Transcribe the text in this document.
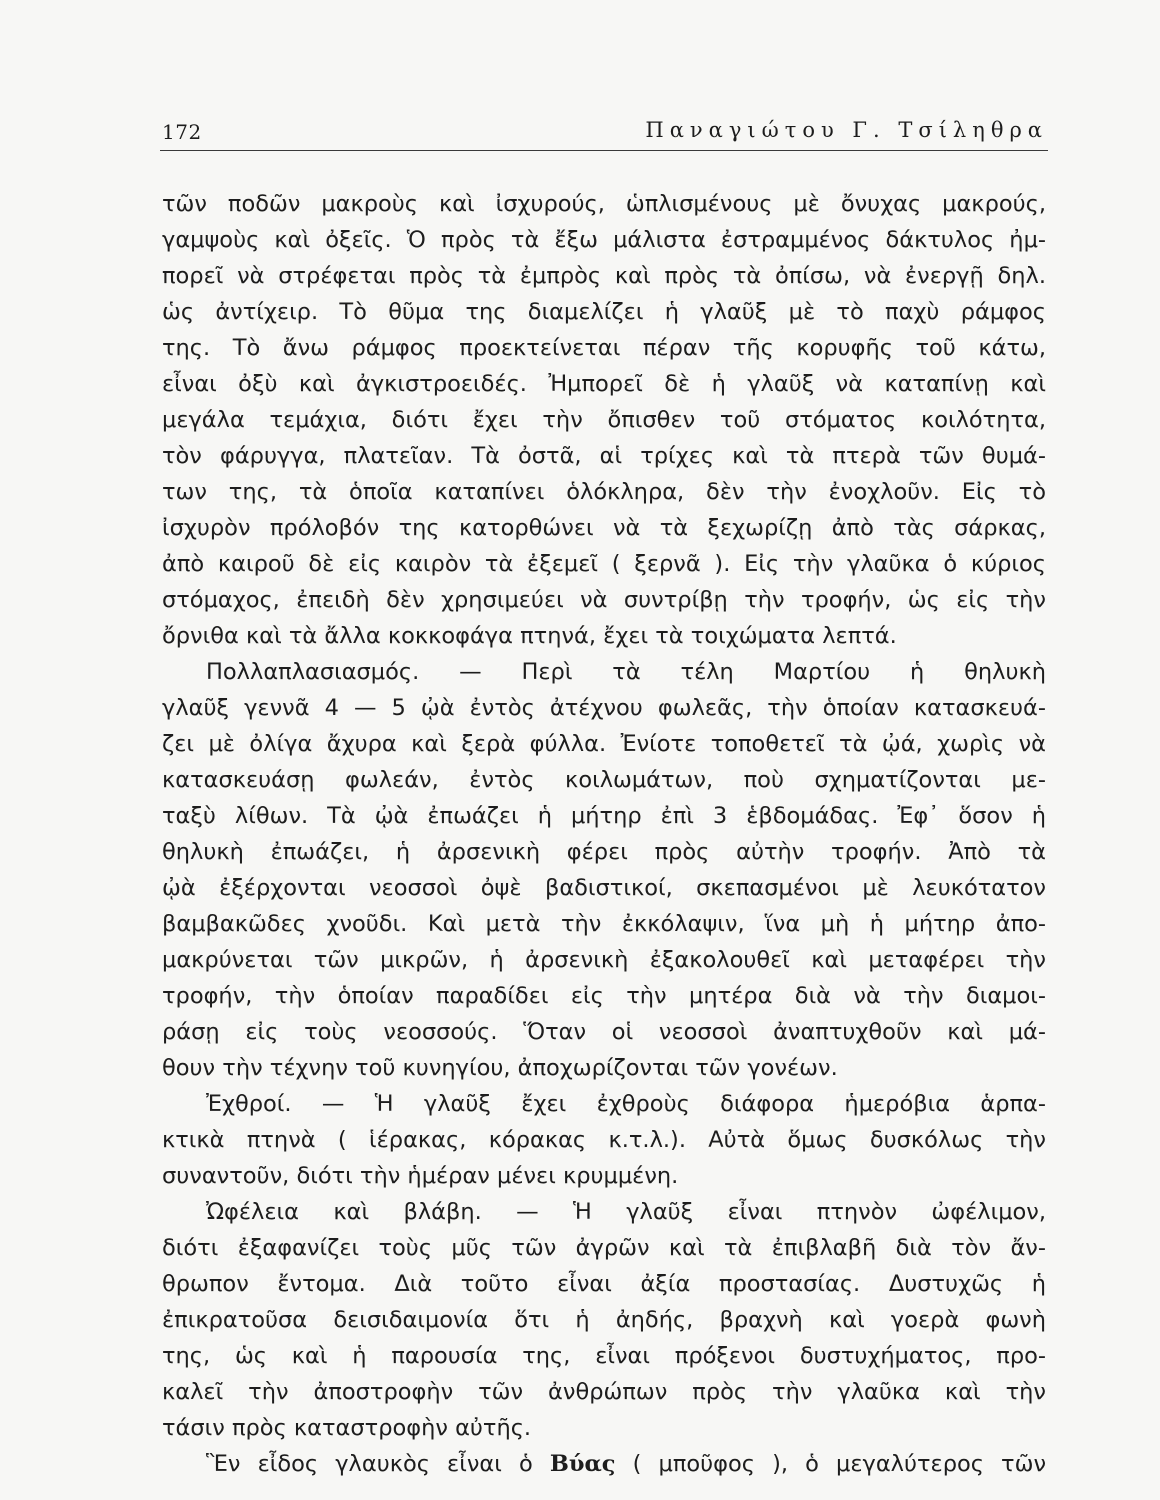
172	Παναγιώτου Γ. Τσίληθρα
τῶν ποδῶν μακροὺς καὶ ἰσχυρούς, ὡπλισμένους μὲ ὄνυχας μακρούς,
γαμψοὺς καὶ ὀξεῖς. Ὁ πρὸς τὰ ἔξω μάλιστα ἐστραμμένος δάκτυλος ἠμ-
πορεῖ νὰ στρέφεται πρὸς τὰ ἐμπρὸς καὶ πρὸς τὰ ὀπίσω, νὰ ἐνεργῇ δηλ.
ὡς ἀντίχειρ. Τὸ θῦμα της διαμελίζει ἡ γλαῦξ μὲ τὸ παχὺ ράμφος
της. Τὸ ἄνω ράμφος προεκτείνεται πέραν τῆς κορυφῆς τοῦ κάτω,
εἶναι ὀξὺ καὶ ἀγκιστροειδές. Ἠμπορεῖ δὲ ἡ γλαῦξ νὰ καταπίνῃ καὶ
μεγάλα τεμάχια, διότι ἔχει τὴν ὄπισθεν τοῦ στόματος κοιλότητα,
τὸν φάρυγγα, πλατεῖαν. Τὰ ὀστᾶ, αἱ τρίχες καὶ τὰ πτερὰ τῶν θυμά-
των της, τὰ ὁποῖα καταπίνει ὁλόκληρα, δὲν τὴν ἐνοχλοῦν. Εἰς τὸ
ἰσχυρὸν πρόλοβόν της κατορθώνει νὰ τὰ ξεχωρίζῃ ἀπὸ τὰς σάρκας,
ἀπὸ καιροῦ δὲ εἰς καιρὸν τὰ ἐξεμεῖ ( ξερνᾶ ). Εἰς τὴν γλαῦκα ὁ κύριος
στόμαχος, ἐπειδὴ δὲν χρησιμεύει νὰ συντρίβῃ τὴν τροφήν, ὡς εἰς τὴν
ὄρνιθα καὶ τὰ ἄλλα κοκκοφάγα πτηνά, ἔχει τὰ τοιχώματα λεπτά.
Πολλαπλασιασμός. — Περὶ τὰ τέλη Μαρτίου ἡ θηλυκὴ
γλαῦξ γεννᾶ 4 — 5 ᾠὰ ἐντὸς ἀτέχνου φωλεᾶς, τὴν ὁποίαν κατασκευά-
ζει μὲ ὀλίγα ἄχυρα καὶ ξερὰ φύλλα. Ἐνίοτε τοποθετεῖ τὰ ᾠά, χωρὶς νὰ
κατασκευάσῃ φωλεάν, ἐντὸς κοιλωμάτων, ποὺ σχηματίζονται με-
ταξὺ λίθων. Τὰ ᾠὰ ἐπωάζει ἡ μήτηρ ἐπὶ 3 ἑβδομάδας. Ἐφ᾽ ὅσον ἡ
θηλυκὴ ἐπωάζει, ἡ ἀρσενικὴ φέρει πρὸς αὐτὴν τροφήν. Ἀπὸ τὰ
ᾠὰ ἐξέρχονται νεοσσοὶ ὀψὲ βαδιστικοί, σκεπασμένοι μὲ λευκότατον
βαμβακῶδες χνοῦδι. Καὶ μετὰ τὴν ἐκκόλαψιν, ἵνα μὴ ἡ μήτηρ ἀπο-
μακρύνεται τῶν μικρῶν, ἡ ἀρσενικὴ ἐξακολουθεῖ καὶ μεταφέρει τὴν
τροφήν, τὴν ὁποίαν παραδίδει εἰς τὴν μητέρα διὰ νὰ τὴν διαμοι-
ράσῃ εἰς τοὺς νεοσσούς. Ὅταν οἱ νεοσσοὶ ἀναπτυχθοῦν καὶ μά-
θουν τὴν τέχνην τοῦ κυνηγίου, ἀποχωρίζονται τῶν γονέων.
Ἐχθροί. — Ἡ γλαῦξ ἔχει ἐχθροὺς διάφορα ἡμερόβια ἁρπα-
κτικὰ πτηνὰ ( ἱέρακας, κόρακας κ.τ.λ.). Αὐτὰ ὅμως δυσκόλως τὴν
συναντοῦν, διότι τὴν ἡμέραν μένει κρυμμένη.
Ὠφέλεια καὶ βλάβη. — Ἡ γλαῦξ εἶναι πτηνὸν ὠφέλιμον,
διότι ἐξαφανίζει τοὺς μῦς τῶν ἀγρῶν καὶ τὰ ἐπιβλαβῆ διὰ τὸν ἄν-
θρωπον ἔντομα. Διὰ τοῦτο εἶναι ἀξία προστασίας. Δυστυχῶς ἡ
ἐπικρατοῦσα δεισιδαιμονία ὅτι ἡ ἀηδής, βραχνὴ καὶ γοερὰ φωνὴ
της, ὡς καὶ ἡ παρουσία της, εἶναι πρόξενοι δυστυχήματος, προ-
καλεῖ τὴν ἀποστροφὴν τῶν ἀνθρώπων πρὸς τὴν γλαῦκα καὶ τὴν
τάσιν πρὸς καταστροφὴν αὐτῆς.
Ἓν εἶδος γλαυκὸς εἶναι ὁ Βύας ( μποῦφος ), ὁ μεγαλύτερος τῶν
